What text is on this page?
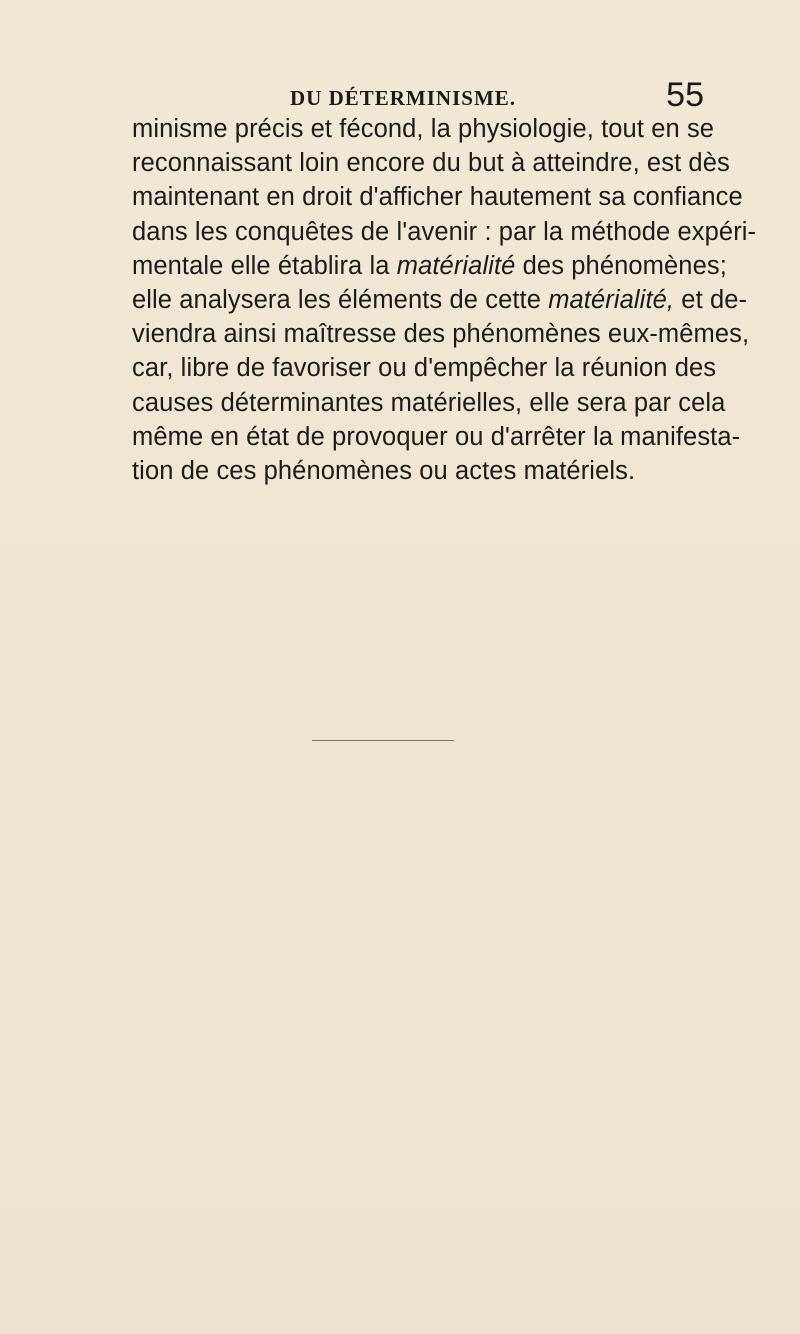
DU DÉTERMINISME.	55
minisme précis et fécond, la physiologie, tout en se
reconnaissant loin encore du but à atteindre, est dès
maintenant en droit d'afficher hautement sa confiance
dans les conquêtes de l'avenir : par la méthode expéri-
mentale elle établira la matérialité des phénomènes;
elle analysera les éléments de cette matérialité, et de-
viendra ainsi maîtresse des phénomènes eux-mêmes,
car, libre de favoriser ou d'empêcher la réunion des
causes déterminantes matérielles, elle sera par cela
même en état de provoquer ou d'arrêter la manifesta-
tion de ces phénomènes ou actes matériels.
